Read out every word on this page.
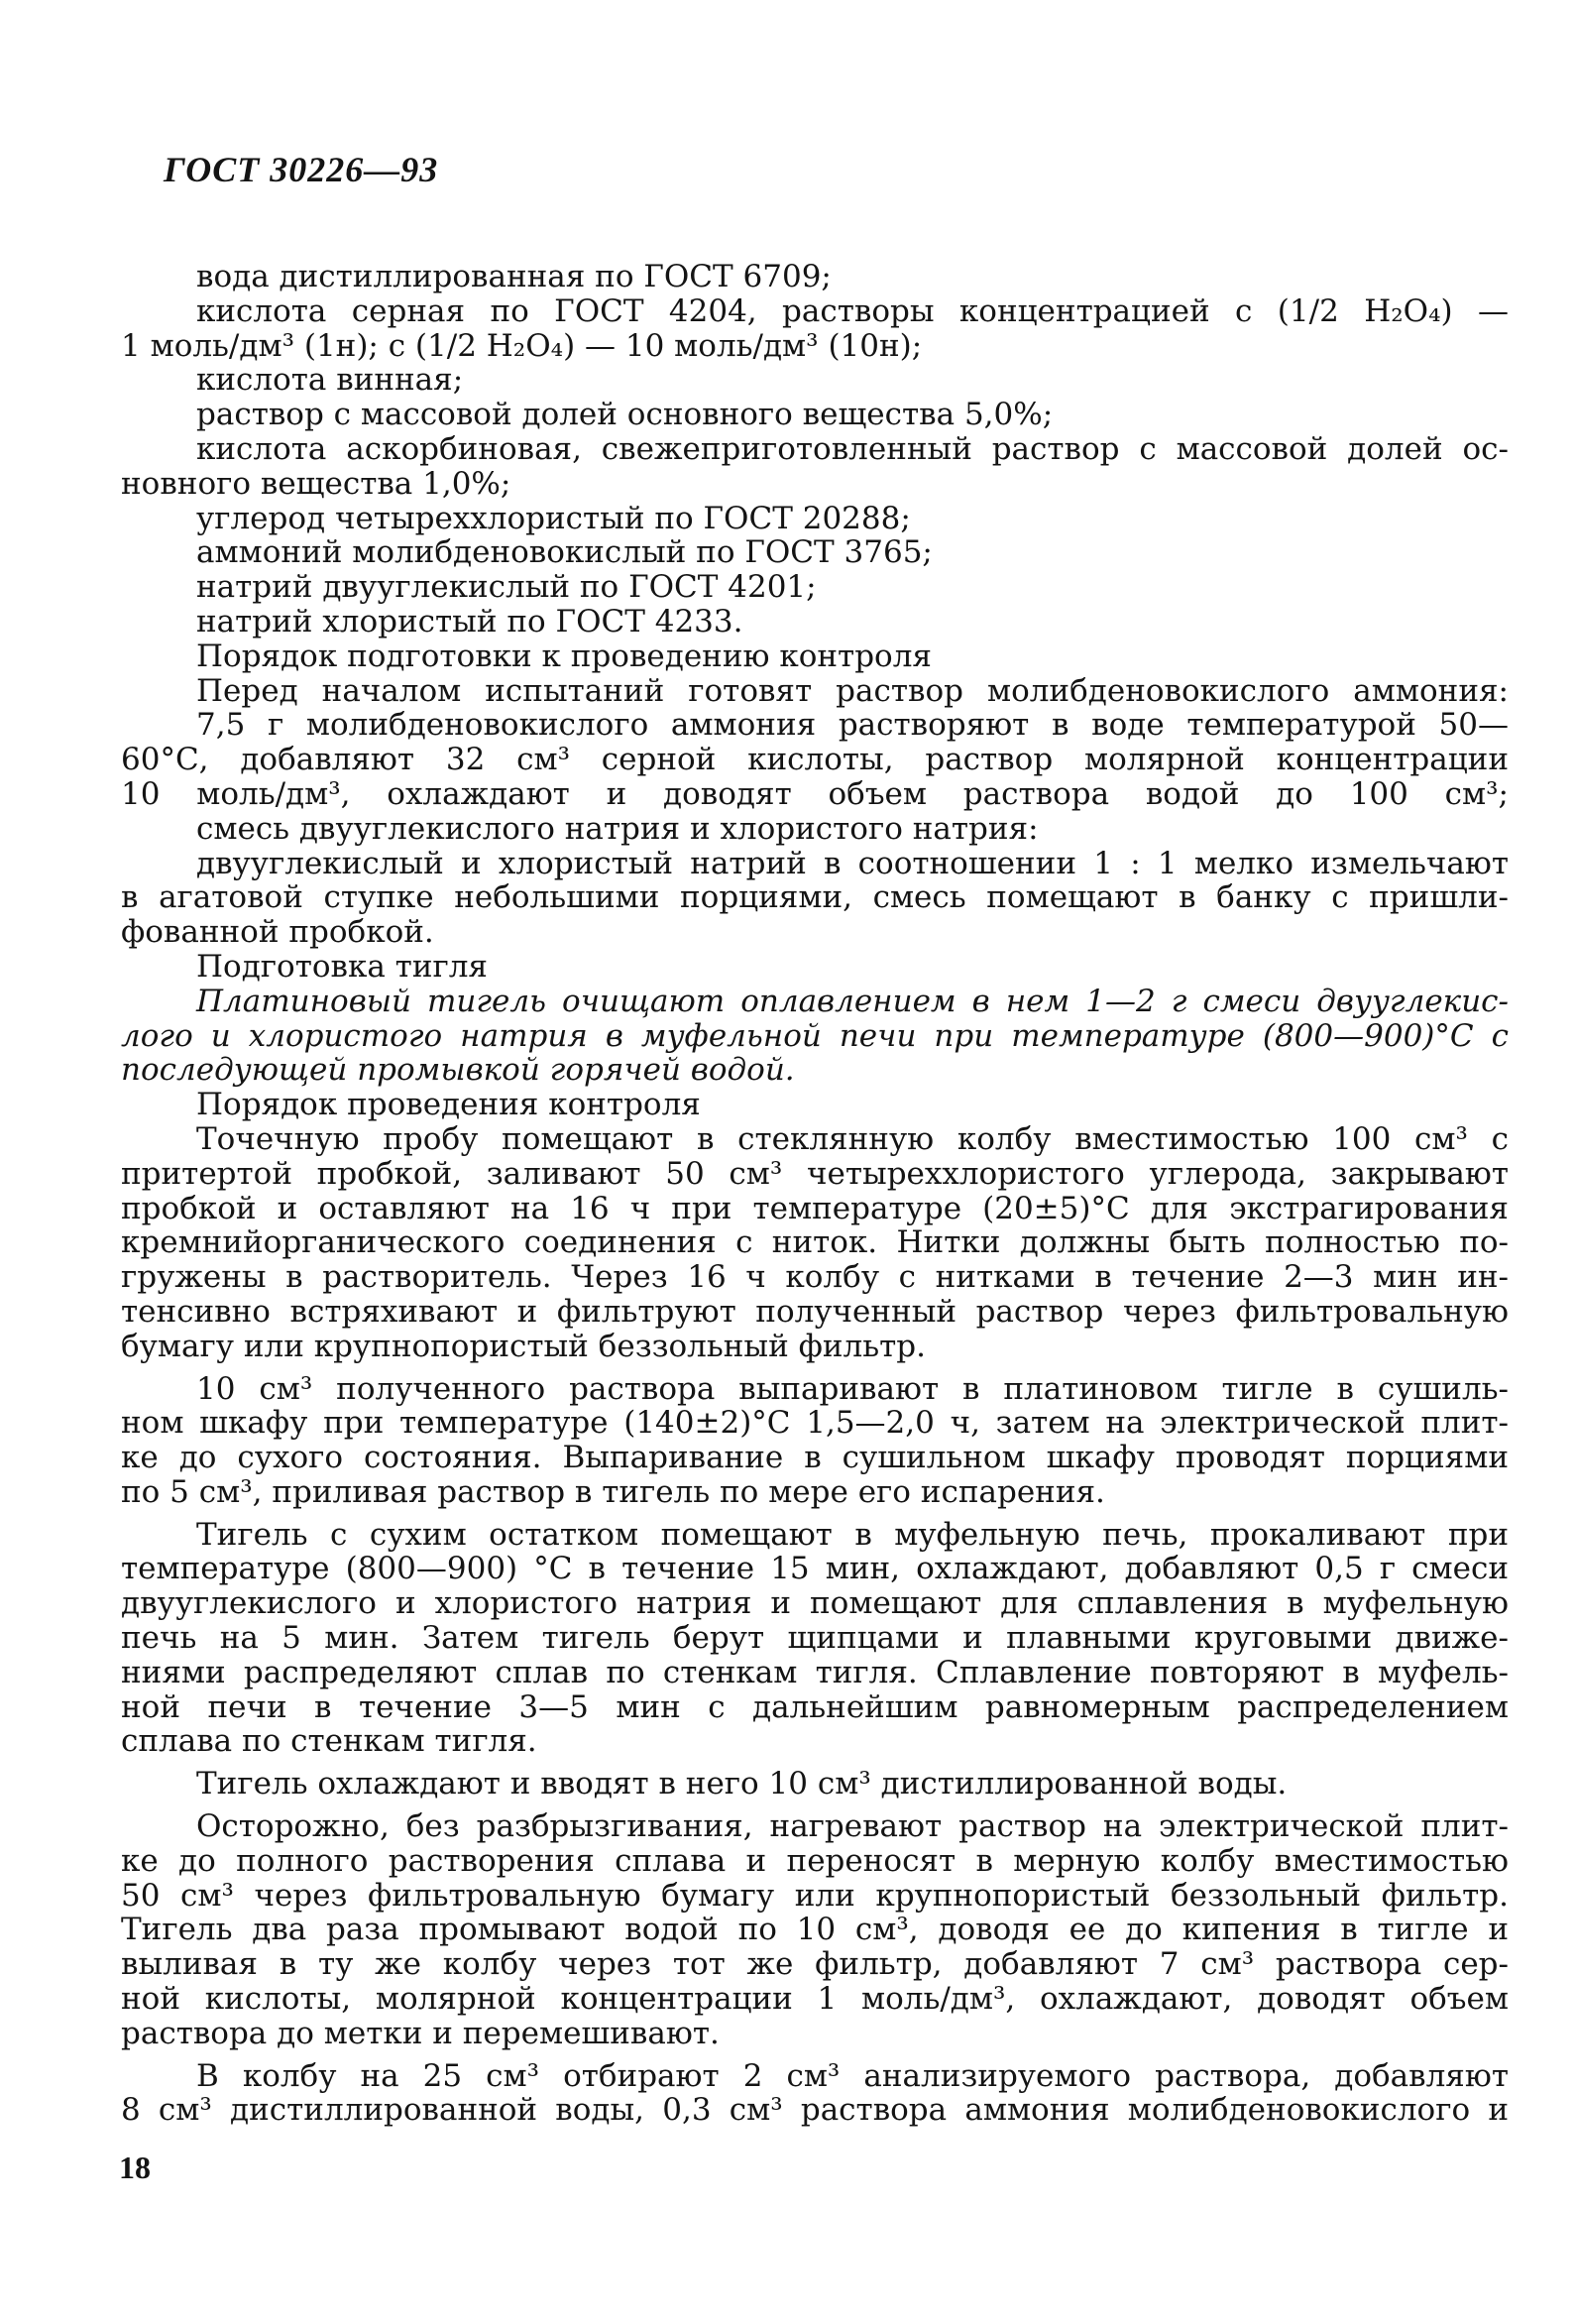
ГОСТ 30226—93
вода дистиллированная по ГОСТ 6709;
кислота серная по ГОСТ 4204, растворы концентрацией с (1/2 H₂O₄) —
1 моль/дм³ (1н); с (1/2 H₂O₄) — 10 моль/дм³ (10н);
кислота винная;
раствор с массовой долей основного вещества 5,0%;
кислота аскорбиновая, свежеприготовленный раствор с массовой долей ос-
новного вещества 1,0%;
углерод четыреххлористый по ГОСТ 20288;
аммоний молибденовокислый по ГОСТ 3765;
натрий двууглекислый по ГОСТ 4201;
натрий хлористый по ГОСТ 4233.
Порядок подготовки к проведению контроля
Перед началом испытаний готовят раствор молибденовокислого аммония:
7,5 г молибденовокислого аммония растворяют в воде температурой 50—
60°С, добавляют 32 см³ серной кислоты, раствор молярной концентрации
10 моль/дм³, охлаждают и доводят объем раствора водой до 100 см³;
смесь двууглекислого натрия и хлористого натрия:
двууглекислый и хлористый натрий в соотношении 1 : 1 мелко измельчают
в агатовой ступке небольшими порциями, смесь помещают в банку с пришли-
фованной пробкой.
Подготовка тигля
Платиновый тигель очищают оплавлением в нем 1—2 г смеси двууглекис-
лого и хлористого натрия в муфельной печи при температуре (800—900)°С с
последующей промывкой горячей водой.
Порядок проведения контроля
Точечную пробу помещают в стеклянную колбу вместимостью 100 см³ с
притертой пробкой, заливают 50 см³ четыреххлористого углерода, закрывают
пробкой и оставляют на 16 ч при температуре (20±5)°С для экстрагирования
кремнийорганического соединения с ниток. Нитки должны быть полностью по-
гружены в растворитель. Через 16 ч колбу с нитками в течение 2—3 мин ин-
тенсивно встряхивают и фильтруют полученный раствор через фильтровальную
бумагу или крупнопористый беззольный фильтр.
10 см³ полученного раствора выпаривают в платиновом тигле в сушиль-
ном шкафу при температуре (140±2)°С 1,5—2,0 ч, затем на электрической плит-
ке до сухого состояния. Выпаривание в сушильном шкафу проводят порциями
по 5 см³, приливая раствор в тигель по мере его испарения.
Тигель с сухим остатком помещают в муфельную печь, прокаливают при
температуре (800—900) °С в течение 15 мин, охлаждают, добавляют 0,5 г смеси
двууглекислого и хлористого натрия и помещают для сплавления в муфельную
печь на 5 мин. Затем тигель берут щипцами и плавными круговыми движе-
ниями распределяют сплав по стенкам тигля. Сплавление повторяют в муфель-
ной печи в течение 3—5 мин с дальнейшим равномерным распределением
сплава по стенкам тигля.
Тигель охлаждают и вводят в него 10 см³ дистиллированной воды.
Осторожно, без разбрызгивания, нагревают раствор на электрической плит-
ке до полного растворения сплава и переносят в мерную колбу вместимостью
50 см³ через фильтровальную бумагу или крупнопористый беззольный фильтр.
Тигель два раза промывают водой по 10 см³, доводя ее до кипения в тигле и
выливая в ту же колбу через тот же фильтр, добавляют 7 см³ раствора сер-
ной кислоты, молярной концентрации 1 моль/дм³, охлаждают, доводят объем
раствора до метки и перемешивают.
В колбу на 25 см³ отбирают 2 см³ анализируемого раствора, добавляют
8 см³ дистиллированной воды, 0,3 см³ раствора аммония молибденовокислого и
18
